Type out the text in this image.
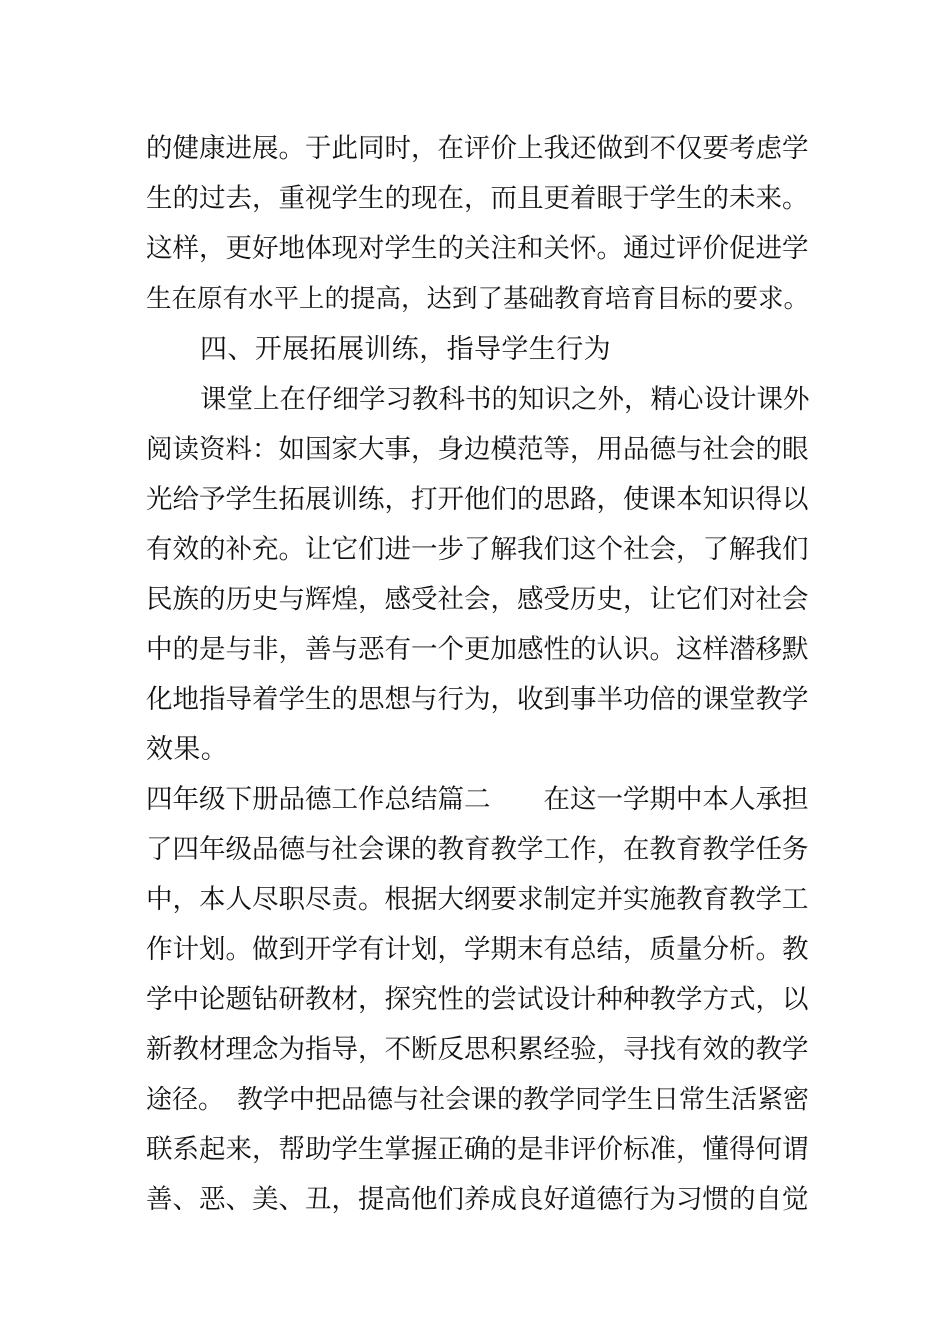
的健康进展。于此同时，在评价上我还做到不仅要考虑学
生的过去，重视学生的现在，而且更着眼于学生的未来。
这样，更好地体现对学生的关注和关怀。通过评价促进学
生在原有水平上的提高，达到了基础教育培育目标的要求。
四、开展拓展训练，指导学生行为
课堂上在仔细学习教科书的知识之外，精心设计课外
阅读资料：如国家大事，身边模范等，用品德与社会的眼
光给予学生拓展训练，打开他们的思路，使课本知识得以
有效的补充。让它们进一步了解我们这个社会，了解我们
民族的历史与辉煌，感受社会，感受历史，让它们对社会
中的是与非，善与恶有一个更加感性的认识。这样潜移默
化地指导着学生的思想与行为，收到事半功倍的课堂教学
效果。
四年级下册品德工作总结篇二　　在这一学期中本人承担
了四年级品德与社会课的教育教学工作，在教育教学任务
中，本人尽职尽责。根据大纲要求制定并实施教育教学工
作计划。做到开学有计划，学期末有总结，质量分析。教
学中论题钻研教材，探究性的尝试设计种种教学方式，以
新教材理念为指导，不断反思积累经验，寻找有效的教学
途径。　教学中把品德与社会课的教学同学生日常生活紧密
联系起来，帮助学生掌握正确的是非评价标准，懂得何谓
善、恶、美、丑，提高他们养成良好道德行为习惯的自觉
